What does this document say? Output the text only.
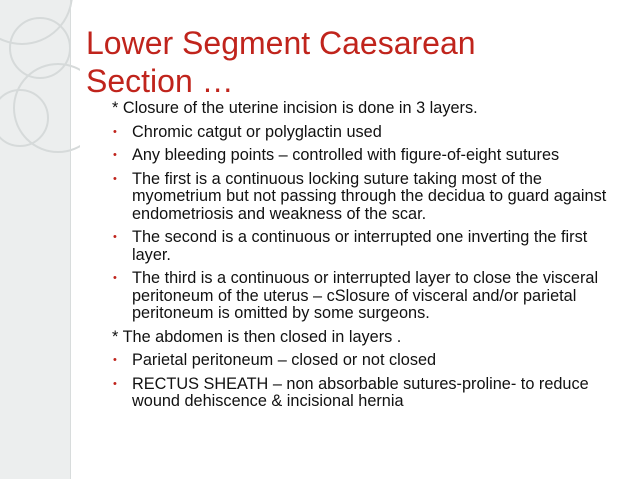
Lower Segment Caesarean Section …
* Closure of the uterine incision is done in 3 layers.
• Chromic catgut or polyglactin used
• Any bleeding points – controlled with figure-of-eight sutures
• The first is a continuous locking suture taking most of the myometrium but not passing through the decidua to guard against endometriosis and weakness of the scar.
• The second is a continuous or interrupted one inverting the first layer.
• The third is a continuous or interrupted layer to close the visceral peritoneum of the uterus – cSlosure of visceral and/or parietal peritoneum is omitted by some surgeons.
* The abdomen is then closed in layers .
• Parietal peritoneum – closed or not closed
• RECTUS SHEATH – non absorbable sutures-proline- to reduce wound dehiscence & incisional hernia
